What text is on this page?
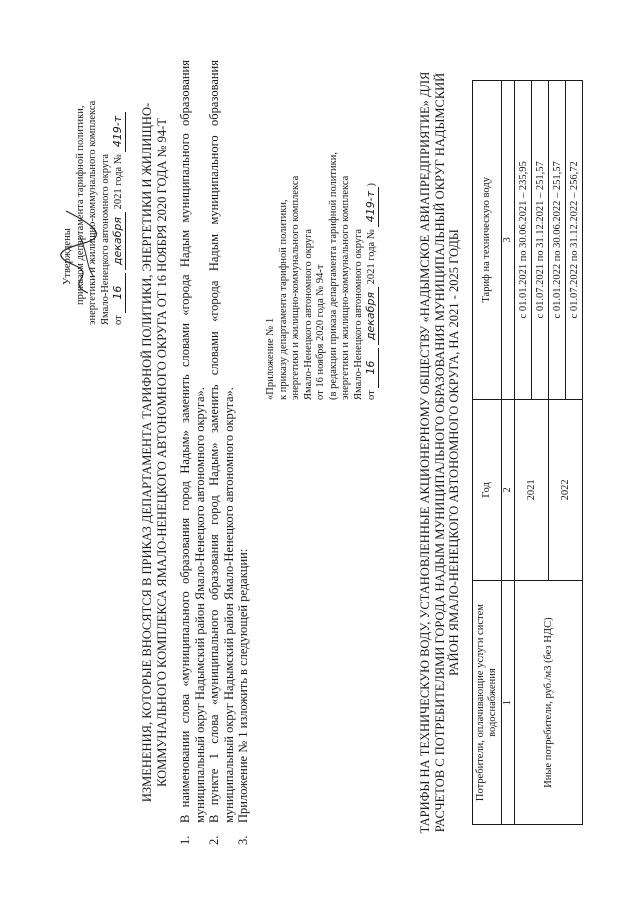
Утверждены приказом департамента тарифной политики, энергетики и жилищно-коммунального комплекса Ямало-Ненецкого автономного округа от 16 декабря 2021 года № 419-т ИЗМЕНЕНИЯ, КОТОРЫЕ ВНОСЯТСЯ В ПРИКАЗ ДЕПАРТАМЕНТА ТАРИФНОЙ ПОЛИТИКИ, ЭНЕРГЕТИКИ И ЖИЛИЩНО-КОММУНАЛЬНОГО КОМПЛЕКСА ЯМАЛО-НЕНЕЦКОГО АВТОНОМНОГО ОКРУГА ОТ 16 НОЯБРЯ 2020 ГОДА № 94-Т
1.
В наименовании слова «муниципального образования город Надым» заменить словами «города Надым муниципального образования муниципальный округ Надымский район Ямало-Ненецкого автономного округа».
2.
В пункте 1 слова «муниципального образования город Надым» заменить словами «города Надым муниципального образования муниципальный округ Надымский район Ямало-Ненецкого автономного округа».
3.
Приложение № 1 изложить в следующей редакции:
«Приложение № 1 к приказу департамента тарифной политики, энергетики и жилищно-коммунального комплекса Ямало-Ненецкого автономного округа от 16 ноября 2020 года № 94-т (в редакции приказа департамента тарифной политики, энергетики и жилищно-коммунального комплекса Ямало-Ненецкого автономного округа от 16 декабря 2021 года № 419-т)	ТАРИФЫ НА ТЕХНИЧЕСКУЮ ВОДУ, УСТАНОВЛЕННЫЕ АКЦИОНЕРНОМУ ОБЩЕСТВУ «НАДЫМСКОЕ АВИАПРЕДПРИЯТИЕ» ДЛЯ РАСЧЕТОВ С ПОТРЕБИТЕЛЯМИ ГОРОДА НАДЫМ МУНИЦИПАЛЬНОГО ОБРАЗОВАНИЯ МУНИЦИПАЛЬНЫЙ ОКРУГ НАДЫМСКИЙ РАЙОН ЯМАЛО-НЕНЕЦКОГО АВТОНОМНОГО ОКРУГА, НА 2021 - 2025 ГОДЫ
Потребители, оплачивающие услуги систем водоснабжения	Год	Тариф на техническую воду
1	2	3
Иные потребители, руб./м3 (без НДС)	2021	с 01.01.2021 по 30.06.2021 – 235,95
		с 01.07.2021 по 31.12.2021 – 251,57
	2022	с 01.01.2022 по 30.06.2022 – 251,57
		с 01.07.2022 по 31.12.2022 – 256,72
